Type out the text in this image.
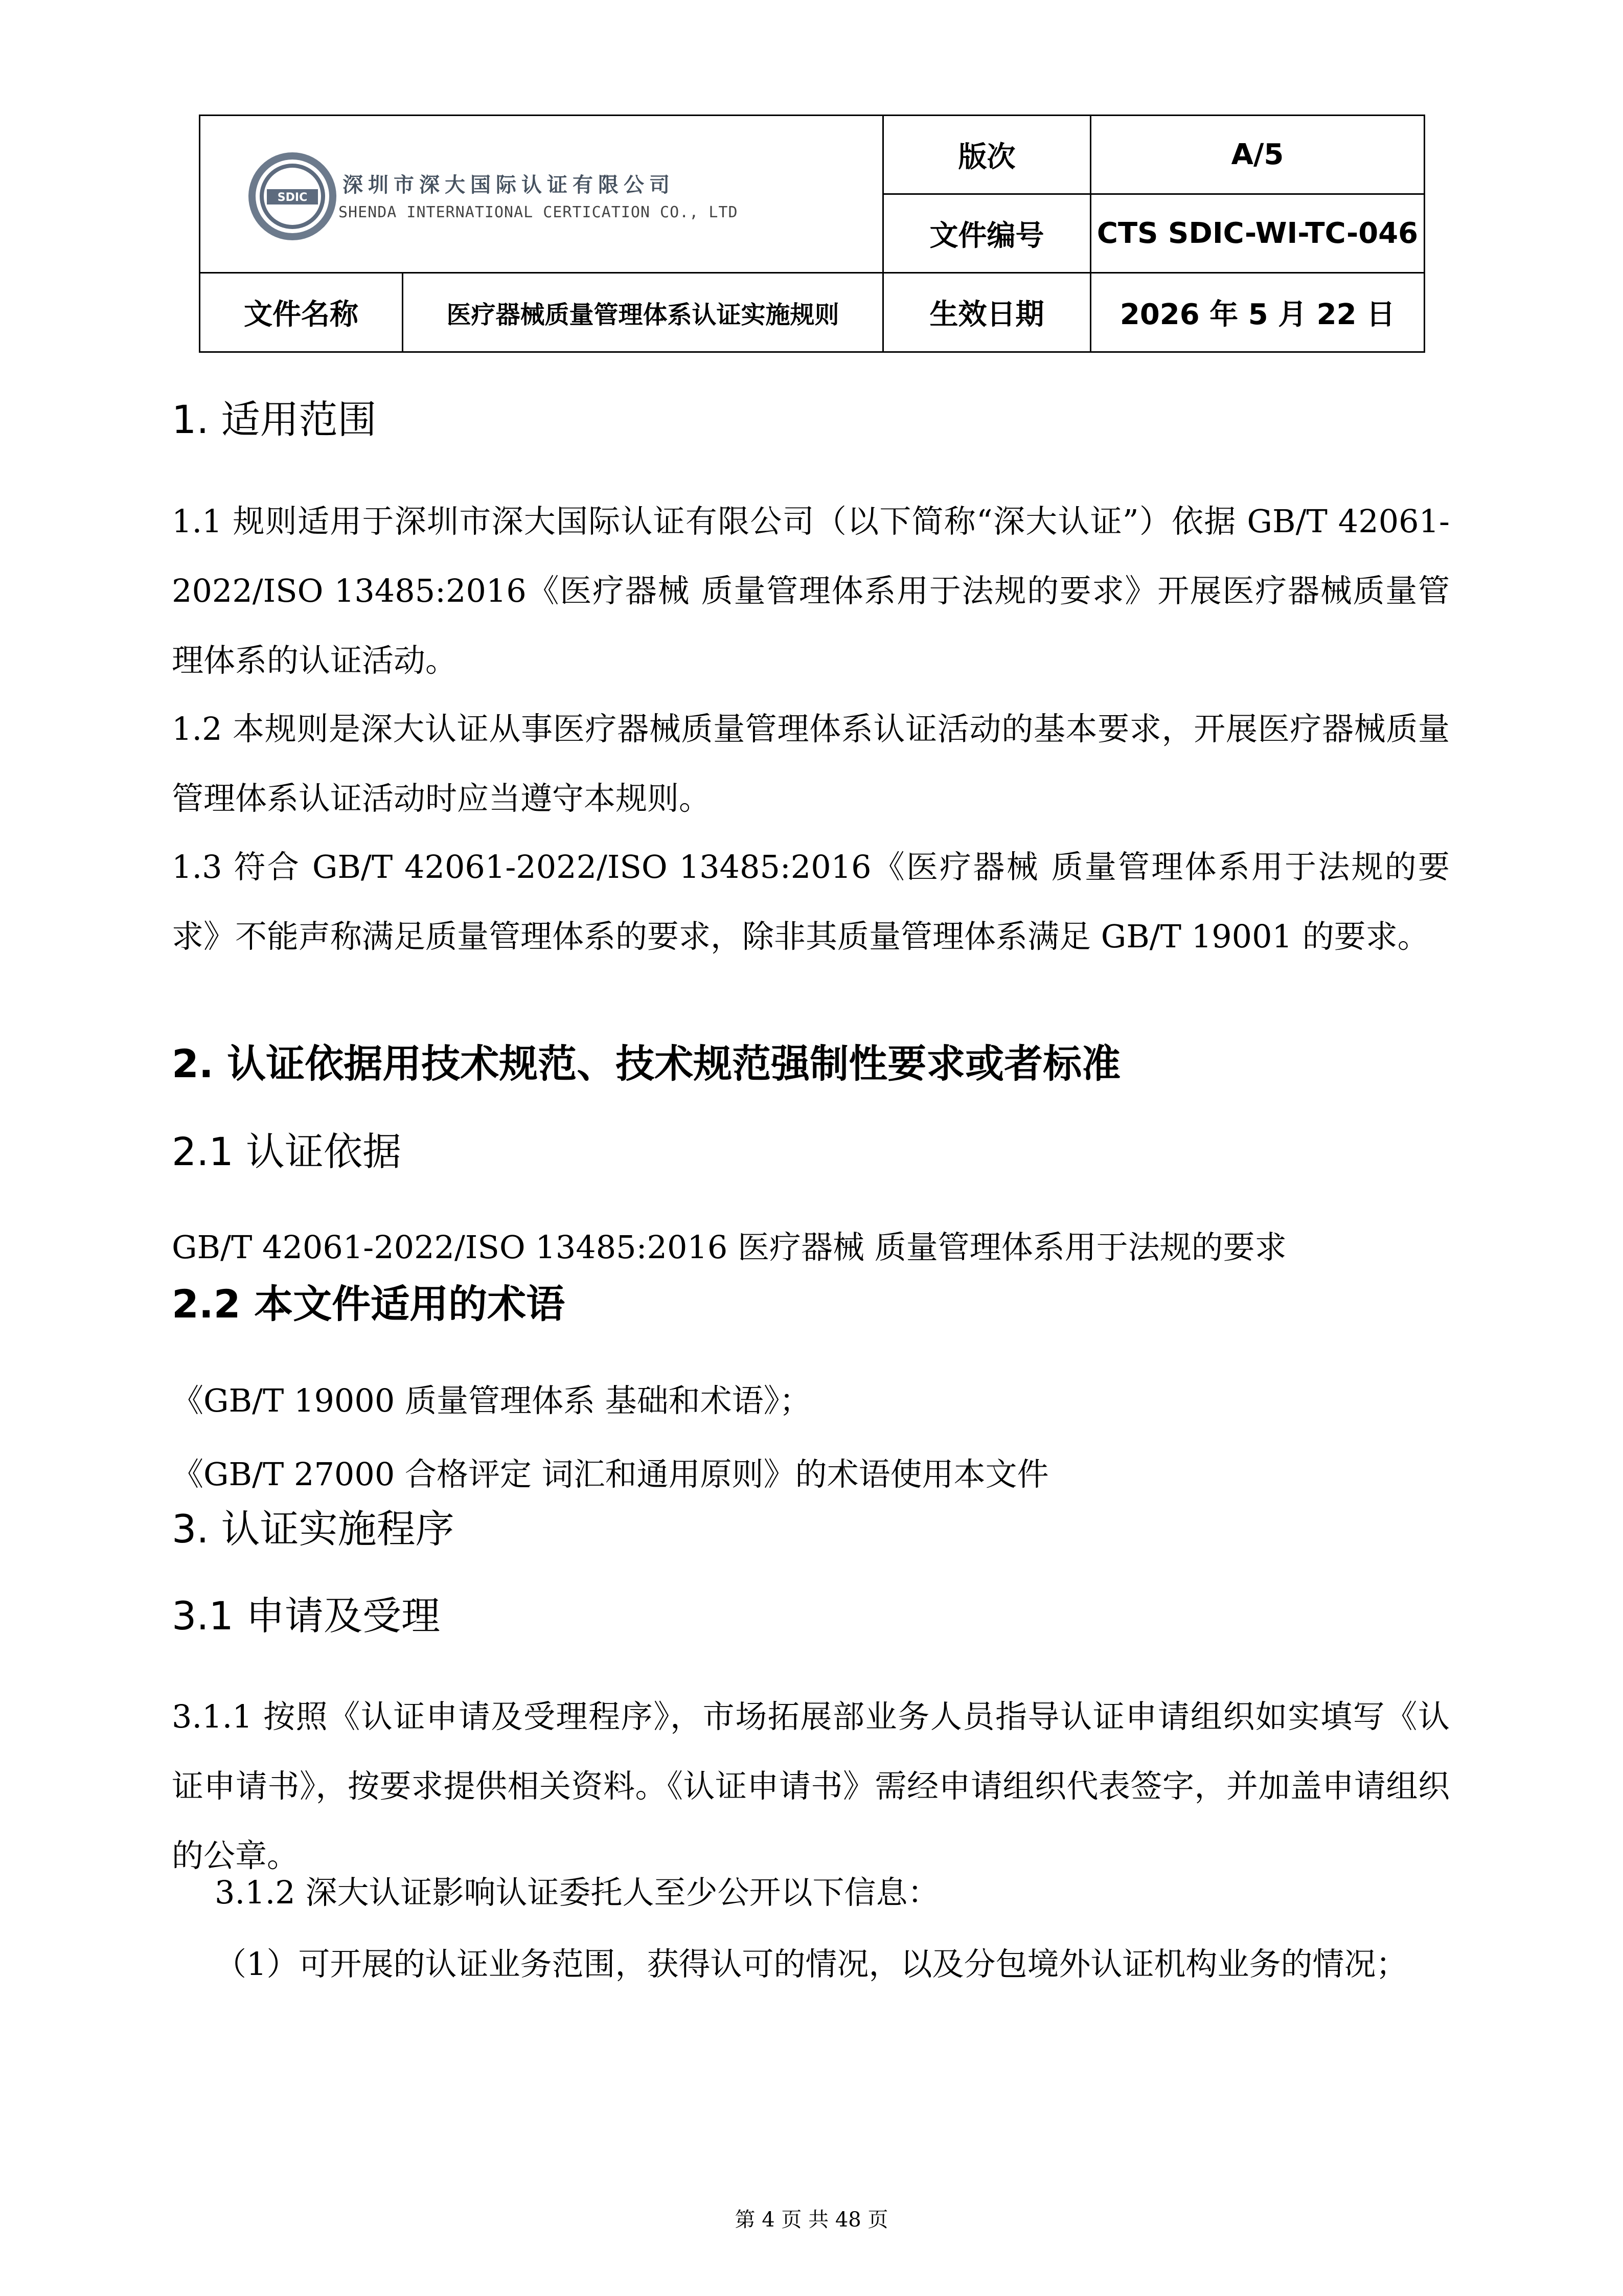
SDIC
深圳市深大国际认证有限公司
SHENDA INTERNATIONAL CERTICATION CO., LTD		版次	A/5
		文件编号	CTS SDIC-WI-TC-046
文件名称	医疗器械质量管理体系认证实施规则	生效日期	2026 年 5 月 22 日
1. 适用范围
1.1 规则适用于深圳市深大国际认证有限公司（以下简称“深大认证”）依据 GB/T 42061-2022/ISO 13485:2016《医疗器械 质量管理体系用于法规的要求》开展医疗器械质量管理体系的认证活动。
1.2 本规则是深大认证从事医疗器械质量管理体系认证活动的基本要求，开展医疗器械质量管理体系认证活动时应当遵守本规则。
1.3 符合 GB/T 42061-2022/ISO 13485:2016《医疗器械 质量管理体系用于法规的要求》不能声称满足质量管理体系的要求，除非其质量管理体系满足 GB/T 19001 的要求。
2. 认证依据用技术规范、技术规范强制性要求或者标准
2.1 认证依据
GB/T 42061-2022/ISO 13485:2016 医疗器械 质量管理体系用于法规的要求
2.2 本文件适用的术语
《GB/T 19000 质量管理体系 基础和术语》；
《GB/T 27000 合格评定 词汇和通用原则》的术语使用本文件
3. 认证实施程序
3.1 申请及受理
3.1.1 按照《认证申请及受理程序》，市场拓展部业务人员指导认证申请组织如实填写《认证申请书》，按要求提供相关资料。《认证申请书》需经申请组织代表签字，并加盖申请组织的公章。
3.1.2 深大认证影响认证委托人至少公开以下信息：
（1）可开展的认证业务范围，获得认可的情况，以及分包境外认证机构业务的情况；
第 4 页 共 48 页
